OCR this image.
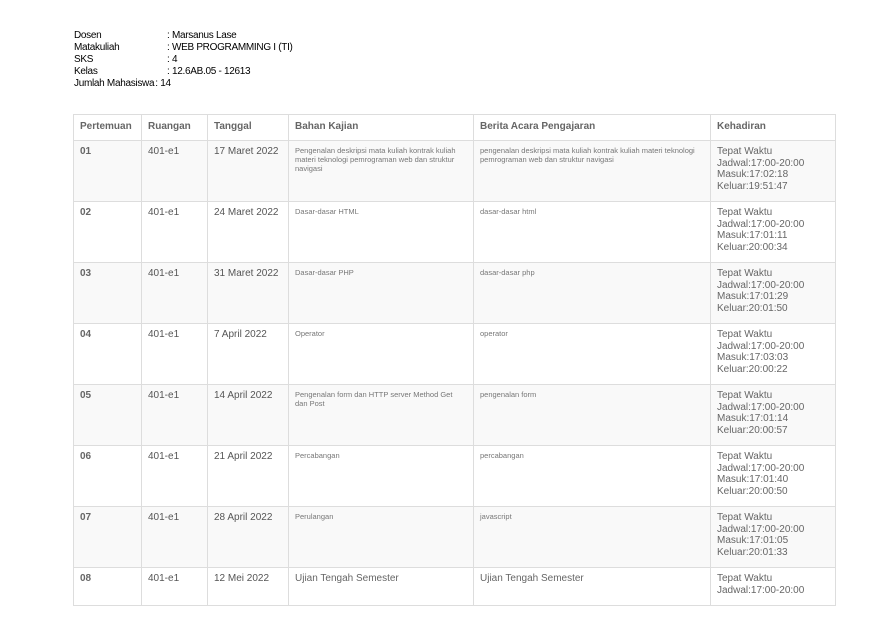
Dosen	: Marsanus Lase
Matakuliah	: WEB PROGRAMMING I (TI)
SKS	: 4
Kelas	: 12.6AB.05 - 12613
Jumlah Mahasiswa : 14
Pertemuan	Ruangan	Tanggal	Bahan Kajian	Berita Acara Pengajaran	Kehadiran
01	401-e1	17 Maret 2022	Pengenalan deskripsi mata kuliah kontrak kuliah materi teknologi pemrograman web dan struktur navigasi	pengenalan deskripsi mata kuliah kontrak kuliah materi teknologi pemrograman web dan struktur navigasi	Tepat Waktu
Jadwal:17:00-20:00
Masuk:17:02:18
Keluar:19:51:47

02	401-e1	24 Maret 2022	Dasar-dasar HTML	dasar-dasar html	Tepat Waktu
Jadwal:17:00-20:00
Masuk:17:01:11
Keluar:20:00:34

03	401-e1	31 Maret 2022	Dasar-dasar PHP	dasar-dasar php	Tepat Waktu
Jadwal:17:00-20:00
Masuk:17:01:29
Keluar:20:01:50

04	401-e1	7 April 2022	Operator	operator	Tepat Waktu
Jadwal:17:00-20:00
Masuk:17:03:03
Keluar:20:00:22

05	401-e1	14 April 2022	Pengenalan form dan HTTP server Method Get dan Post	pengenalan form	Tepat Waktu
Jadwal:17:00-20:00
Masuk:17:01:14
Keluar:20:00:57

06	401-e1	21 April 2022	Percabangan	percabangan	Tepat Waktu
Jadwal:17:00-20:00
Masuk:17:01:40
Keluar:20:00:50

07	401-e1	28 April 2022	Perulangan	javascript	Tepat Waktu
Jadwal:17:00-20:00
Masuk:17:01:05
Keluar:20:01:33

08	401-e1	12 Mei 2022	Ujian Tengah Semester	Ujian Tengah Semester	Tepat Waktu
Jadwal:17:00-20:00
